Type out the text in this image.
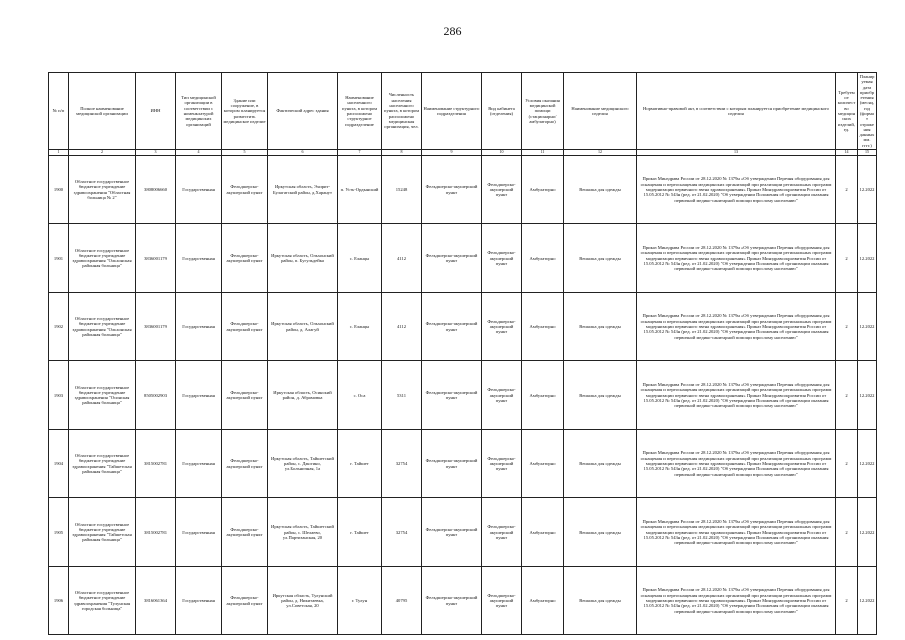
286
№ п/п	Полное наименование медицинской организации	ИНН	Тип медицинской организации в соответствии с номенклатурой медицинских организаций	Здание или сооружение, в котором планируется разместить медицинское изделие	Фактический адрес здания	Наименование населенного пункта, в котором расположено структурное подразделение	Численность населения населенного пункта, в котором расположено медицинская организация, чел.	Наименование структурного подразделения	Вид кабинета (отделения)	Условия оказания медицинской помощи (стационарно/амбулаторно)	Наименование медицинского изделия	Нормативно-правовой акт, в соответствии с которым планируется приобретение медицинского изделия	Требуемое количество медицинских изделий, ед.	Планируемая дата приобретения (месяц, год (формат отражения данных мм. гггг.)
1	2	3	4	5	6	7	8	9	10	11	12	13	14	15
1900	Областное государственное бюджетное учреждение здравоохранения "Областная больница № 2"	3808006660	Государственная	Фельдшерско-акушерский пункт	Иркутская область, Эхирит-Булагатский район, д.Харанут	п. Усть-Ордынский	15248	Фельдшерско-акушерский пункт	Фельдшерско-акушерский пункт	Амбулаторно	Вешалка для одежды	Приказ Минздрава России от 28.12.2020 № 1379н «Об утверждении Перечня оборудования для оснащения и переоснащения медицинских организаций при реализации региональных программ модернизации первичного звена здравоохранения» Приказ Минздравсоцразвития России от 15.05.2012 № 543н (ред. от 21.02.2020) "Об утверждении Положения об организации оказания первичной медико-санитарной помощи взрослому населению"	2	12.2022
1901	Областное государственное бюджетное учреждение здравоохранения "Ольхонская районная больница"	3836001179	Государственная	Фельдшерско-акушерский пункт	Иркутская область, Ольхонский район, п. Бугульдейка	с. Еланцы	4112	Фельдшерско-акушерский пункт	Фельдшерско-акушерский пункт	Амбулаторно	Вешалка для одежды	Приказ Минздрава России от 28.12.2020 № 1379н «Об утверждении Перечня оборудования для оснащения и переоснащения медицинских организаций при реализации региональных программ модернизации первичного звена здравоохранения» Приказ Минздравсоцразвития России от 15.05.2012 № 543н (ред. от 21.02.2020) "Об утверждении Положения об организации оказания первичной медико-санитарной помощи взрослому населению"	2	12.2022
1902	Областное государственное бюджетное учреждение здравоохранения "Ольхонская районная больница"	3836001179	Государственная	Фельдшерско-акушерский пункт	Иркутская область, Ольхонский район, д. Алагуй	с. Еланцы	4112	Фельдшерско-акушерский пункт	Фельдшерско-акушерский пункт	Амбулаторно	Вешалка для одежды	Приказ Минздрава России от 28.12.2020 № 1379н «Об утверждении Перечня оборудования для оснащения и переоснащения медицинских организаций при реализации региональных программ модернизации первичного звена здравоохранения» Приказ Минздравсоцразвития России от 15.05.2012 № 543н (ред. от 21.02.2020) "Об утверждении Положения об организации оказания первичной медико-санитарной помощи взрослому населению"	2	12.2022
1903	Областное государственное бюджетное учреждение здравоохранения "Осинская районная больница"	8505002903	Государственная	Фельдшерско-акушерский пункт	Иркутская область, Осинский район, д. Абрамовка	с. Оса	5311	Фельдшерско-акушерский пункт	Фельдшерско-акушерский пункт	Амбулаторно	Вешалка для одежды	Приказ Минздрава России от 28.12.2020 № 1379н «Об утверждении Перечня оборудования для оснащения и переоснащения медицинских организаций при реализации региональных программ модернизации первичного звена здравоохранения» Приказ Минздравсоцразвития России от 15.05.2012 № 543н (ред. от 21.02.2020) "Об утверждении Положения об организации оказания первичной медико-санитарной помощи взрослому населению"	2	12.2022
1904	Областное государственное бюджетное учреждение здравоохранения "Тайшетская районная больница"	3815002781	Государственная	Фельдшерско-акушерский пункт	Иркутская область, Тайшетский район, с. Джогино, ул.Больничная, 1а	г. Тайшет	32754	Фельдшерско-акушерский пункт	Фельдшерско-акушерский пункт	Амбулаторно	Вешалка для одежды	Приказ Минздрава России от 28.12.2020 № 1379н «Об утверждении Перечня оборудования для оснащения и переоснащения медицинских организаций при реализации региональных программ модернизации первичного звена здравоохранения» Приказ Минздравсоцразвития России от 15.05.2012 № 543н (ред. от 21.02.2020) "Об утверждении Положения об организации оказания первичной медико-санитарной помощи взрослому населению"	2	12.2022
1905	Областное государственное бюджетное учреждение здравоохранения "Тайшетская районная больница"	3815002781	Государственная	Фельдшерско-акушерский пункт	Иркутская область, Тайшетский район, с. Шелаево, ул.Партизанская, 20	г. Тайшет	32754	Фельдшерско-акушерский пункт	Фельдшерско-акушерский пункт	Амбулаторно	Вешалка для одежды	Приказ Минздрава России от 28.12.2020 № 1379н «Об утверждении Перечня оборудования для оснащения и переоснащения медицинских организаций при реализации региональных программ модернизации первичного звена здравоохранения» Приказ Минздравсоцразвития России от 15.05.2012 № 543н (ред. от 21.02.2020) "Об утверждении Положения об организации оказания первичной медико-санитарной помощи взрослому населению"	2	12.2022
1906	Областное государственное бюджетное учреждение здравоохранения "Тулунская городская больница"	3816061364	Государственная	Фельдшерско-акушерский пункт	Иркутская область, Тулунский район, д. Никитаевка, ул.Советская, 20	г. Тулун	40795	Фельдшерско-акушерский пункт	Фельдшерско-акушерский пункт	Амбулаторно	Вешалка для одежды	Приказ Минздрава России от 28.12.2020 № 1379н «Об утверждении Перечня оборудования для оснащения и переоснащения медицинских организаций при реализации региональных программ модернизации первичного звена здравоохранения» Приказ Минздравсоцразвития России от 15.05.2012 № 543н (ред. от 21.02.2020) "Об утверждении Положения об организации оказания первичной медико-санитарной помощи взрослому населению"	2	12.2022
